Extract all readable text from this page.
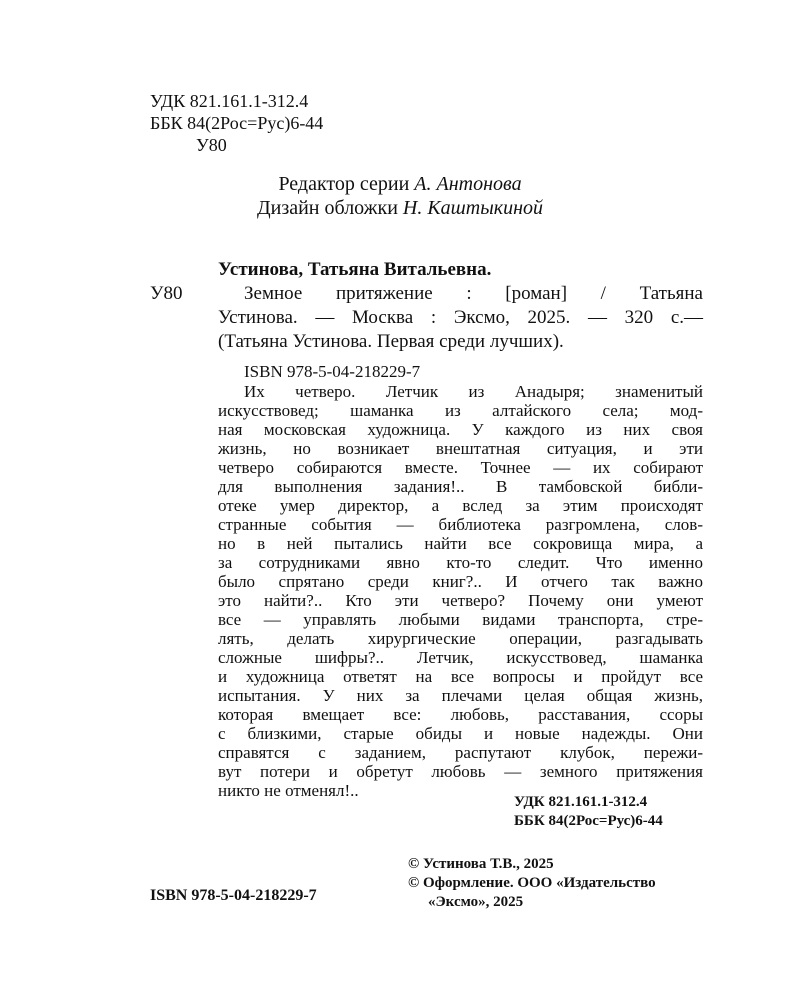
УДК 821.161.1-312.4
ББК 84(2Рос=Рус)6-44
У80
Редактор серии А. Антонова
Дизайн обложки Н. Каштыкиной
Устинова, Татьяна Витальевна.
У80	Земное притяжение : [роман] / Татьяна
Устинова. — Москва : Эксмо, 2025. — 320 с.—
(Татьяна Устинова. Первая среди лучших).
ISBN 978-5-04-218229-7
Их четверо. Летчик из Анадыря; знаменитый
искусствовед; шаманка из алтайского села; мод-
ная московская художница. У каждого из них своя
жизнь, но возникает внештатная ситуация, и эти
четверо собираются вместе. Точнее — их собирают
для выполнения задания!.. В тамбовской библи-
отеке умер директор, а вслед за этим происходят
странные события — библиотека разгромлена, слов-
но в ней пытались найти все сокровища мира, а
за сотрудниками явно кто-то следит. Что именно
было спрятано среди книг?.. И отчего так важно
это найти?.. Кто эти четверо? Почему они умеют
все — управлять любыми видами транспорта, стре-
лять, делать хирургические операции, разгадывать
сложные шифры?.. Летчик, искусствовед, шаманка
и художница ответят на все вопросы и пройдут все
испытания. У них за плечами целая общая жизнь,
которая вмещает все: любовь, расставания, ссоры
с близкими, старые обиды и новые надежды. Они
справятся с заданием, распутают клубок, пережи-
вут потери и обретут любовь — земного притяжения
никто не отменял!..
УДК 821.161.1-312.4
ББК 84(2Рос=Рус)6-44
© Устинова Т.В., 2025
© Оформление. ООО «Издательство
«Эксмо», 2025
ISBN 978-5-04-218229-7
